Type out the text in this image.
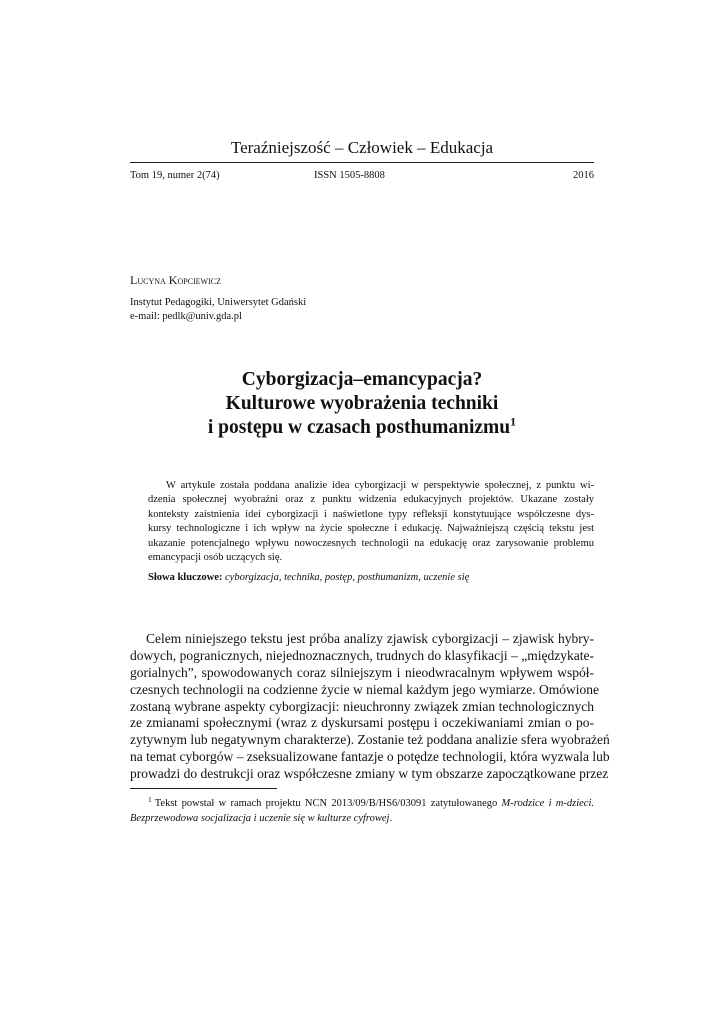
Teraźniejszość – Człowiek – Edukacja
Tom 19, numer 2(74)	ISSN 1505-8808	2016
Lucyna Kopciewicz
Instytut Pedagogiki, Uniwersytet Gdański
e-mail: pedlk@univ.gda.pl
Cyborgizacja–emancypacja?
Kulturowe wyobrażenia techniki
i postępu w czasach posthumanizmu$^1$
W artykule została poddana analizie idea cyborgizacji w perspektywie społecznej, z punktu wi-
dzenia społecznej wyobraźni oraz z punktu widzenia edukacyjnych projektów. Ukazane zostały
konteksty zaistnienia idei cyborgizacji i naświetlone typy refleksji konstytuujące współczesne dys-
kursy technologiczne i ich wpływ na życie społeczne i edukację. Najważniejszą częścią tekstu jest
ukazanie potencjalnego wpływu nowoczesnych technologii na edukację oraz zarysowanie problemu
emancypacji osób uczących się.
Słowa kluczowe: cyborgizacja, technika, postęp, posthumanizm, uczenie się
Celem niniejszego tekstu jest próba analizy zjawisk cyborgizacji – zjawisk hybry-
dowych, pogranicznych, niejednoznacznych, trudnych do klasyfikacji – „międzykate-
gorialnych”, spowodowanych coraz silniejszym i nieodwracalnym wpływem współ-
czesnych technologii na codzienne życie w niemal każdym jego wymiarze. Omówione
zostaną wybrane aspekty cyborgizacji: nieuchronny związek zmian technologicznych
ze zmianami społecznymi (wraz z dyskursami postępu i oczekiwaniami zmian o po-
zytywnym lub negatywnym charakterze). Zostanie też poddana analizie sfera wyobrażeń
na temat cyborgów – zseksualizowane fantazje o potędze technologii, która wyzwala lub
prowadzi do destrukcji oraz współczesne zmiany w tym obszarze zapoczątkowane przez
$^1$ Tekst powstał w ramach projektu NCN 2013/09/B/HS6/03091 zatytułowanego M-rodzice i m-dzieci.
Bezprzewodowa socjalizacja i uczenie się w kulturze cyfrowej.
